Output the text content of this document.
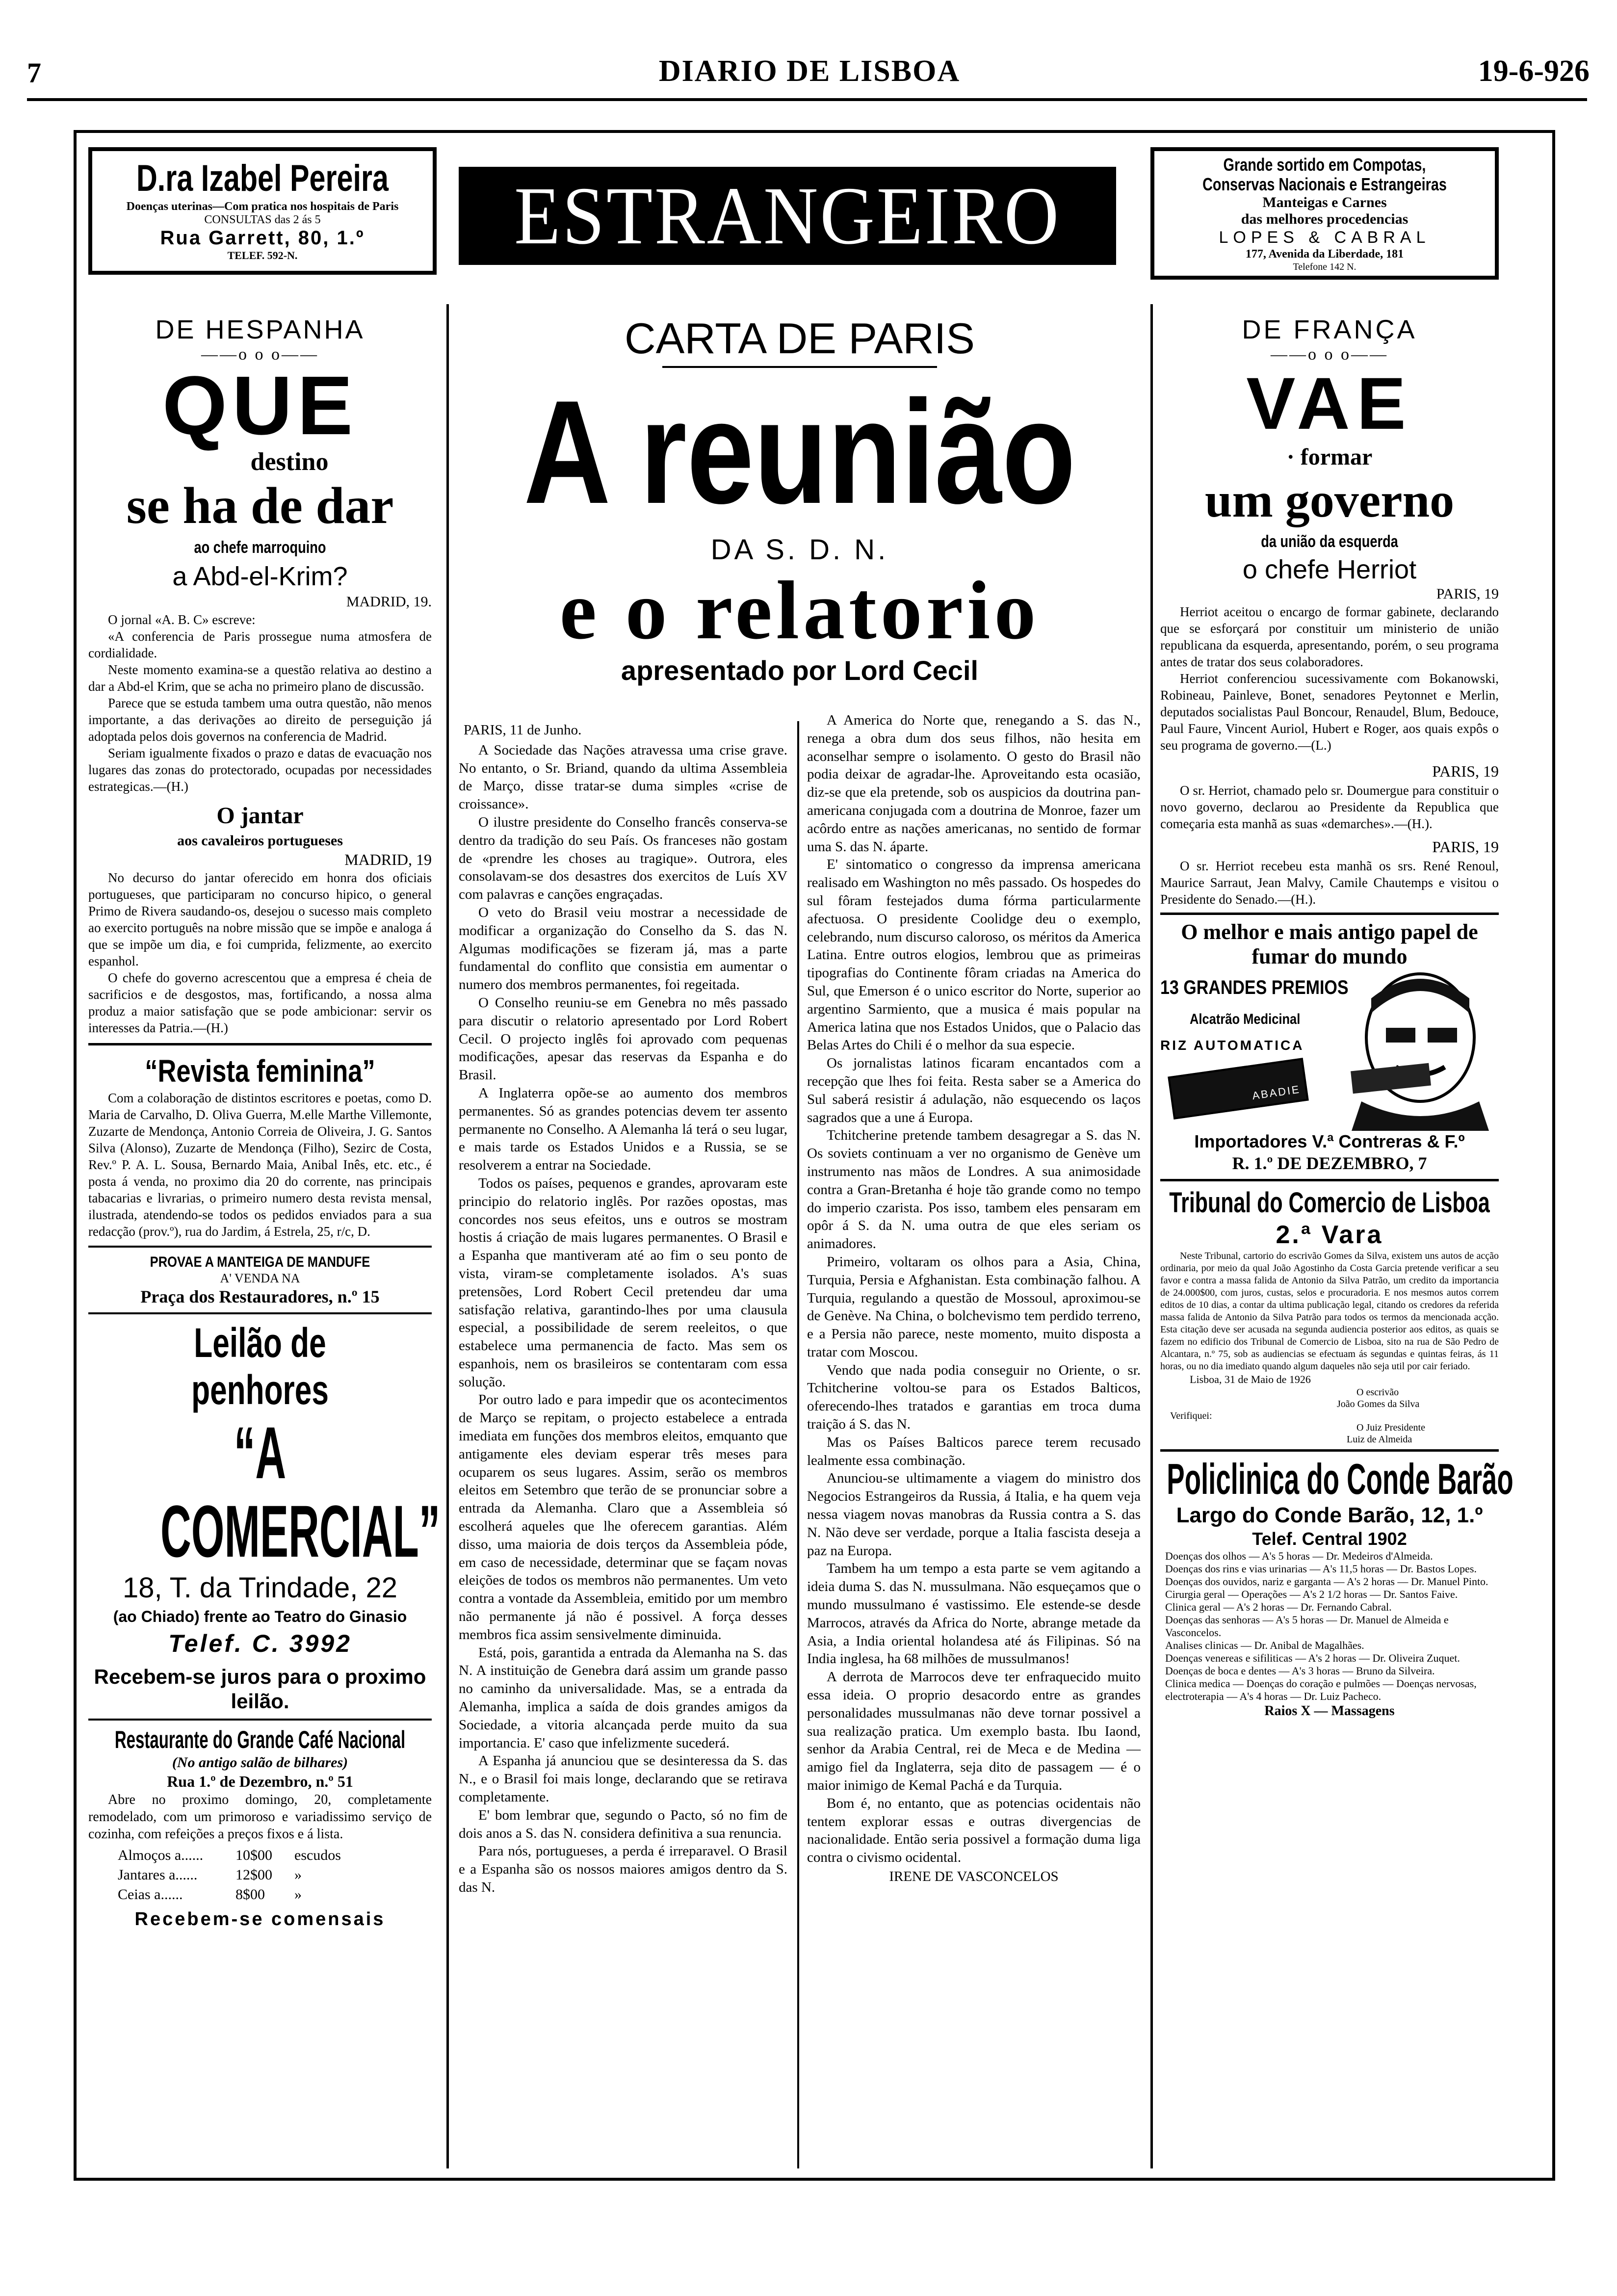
7	DIARIO DE LISBOA	19-6-926
D.ra Izabel Pereira
Doenças uterinas—Com pratica nos hospitais de Paris
CONSULTAS das 2 ás 5
Rua Garrett, 80, 1.º
TELEF. 592-N.	ESTRANGEIRO
Grande sortido em Compotas,
Conservas Nacionais e Estrangeiras
Manteigas e Carnes
das melhores procedencias
LOPES & CABRAL
177, Avenida da Liberdade, 181
Telefone 142 N.
DE HESPANHA
——o o o——
QUE
destino
se ha de dar
ao chefe marroquino
a Abd-el-Krim?
MADRID, 19.

O jornal «A. B. C» escreve:

«A conferencia de Paris prossegue numa atmosfera de cordialidade.

Neste momento examina-se a questão relativa ao destino a dar a Abd-el Krim, que se acha no primeiro plano de discussão.

Parece que se estuda tambem uma outra questão, não menos importante, a das derivações ao direito de perseguição já adoptada pelos dois governos na conferencia de Madrid.

Seriam igualmente fixados o prazo e datas de evacuação nos lugares das zonas do protectorado, ocupadas por necessidades estrategicas.—(H.)

O jantar
aos cavaleiros portugueses
MADRID, 19

No decurso do jantar oferecido em honra dos oficiais portugueses, que participaram no concurso hipico, o general Primo de Rivera saudando-os, desejou o sucesso mais completo ao exercito português na nobre missão que se impõe e analoga á que se impõe um dia, e foi cumprida, felizmente, ao exercito espanhol.

O chefe do governo acrescentou que a empresa é cheia de sacrificios e de desgostos, mas, fortificando, a nossa alma produz a maior satisfação que se pode ambicionar: servir os interesses da Patria.—(H.)

“Revista feminina”

Com a colaboração de distintos escritores e poetas, como D. Maria de Carvalho, D. Oliva Guerra, M.elle Marthe Villemonte, Zuzarte de Mendonça, Antonio Correia de Oliveira, J. G. Santos Silva (Alonso), Zuzarte de Mendonça (Filho), Sezirc de Costa, Rev.º P. A. L. Sousa, Bernardo Maia, Anibal Inês, etc. etc., é posta á venda, no proximo dia 20 do corrente, nas principais tabacarias e livrarias, o primeiro numero desta revista mensal, ilustrada, atendendo-se todos os pedidos enviados para a sua redacção (prov.º), rua do Jardim, á Estrela, 25, r/c, D.

PROVAE A MANTEIGA DE MANDUFE
A' VENDA NA
Praça dos Restauradores, n.º 15
Leilão de penhores
“A COMERCIAL”
18, T. da Trindade, 22
(ao Chiado) frente ao Teatro do Ginasio
Telef. C. 3992
Recebem-se juros para o proximo leilão.
Restaurante do Grande Café Nacional
(No antigo salão de bilhares)
Rua 1.º de Dezembro, n.º 51

Abre no proximo domingo, 20, completamente remodelado, com um primoroso e variadissimo serviço de cozinha, com refeições a preços fixos e á lista.

Almoços a......	10$00	escudos
Jantares a......	12$00	»
Ceias a......	8$00	»
Recebem-se comensais
CARTA DE PARIS
A reunião
DA S. D. N.
e o relatorio
apresentado por Lord Cecil

PARIS, 11 de Junho.

A Sociedade das Nações atravessa uma crise grave. No entanto, o Sr. Briand, quando da ultima Assembleia de Março, disse tratar-se duma simples «crise de croissance».

O ilustre presidente do Conselho francês conserva-se dentro da tradição do seu País. Os franceses não gostam de «prendre les choses au tragique». Outrora, eles consolavam-se dos desastres dos exercitos de Luís XV com palavras e canções engraçadas.

O veto do Brasil veiu mostrar a necessidade de modificar a organização do Conselho da S. das N. Algumas modificações se fizeram já, mas a parte fundamental do conflito que consistia em aumentar o numero dos membros permanentes, foi regeitada.

O Conselho reuniu-se em Genebra no mês passado para discutir o relatorio apresentado por Lord Robert Cecil. O projecto inglês foi aprovado com pequenas modificações, apesar das reservas da Espanha e do Brasil.

A Inglaterra opõe-se ao aumento dos membros permanentes. Só as grandes potencias devem ter assento permanente no Conselho. A Alemanha lá terá o seu lugar, e mais tarde os Estados Unidos e a Russia, se se resolverem a entrar na Sociedade.

Todos os países, pequenos e grandes, aprovaram este principio do relatorio inglês. Por razões opostas, mas concordes nos seus efeitos, uns e outros se mostram hostis á criação de mais lugares permanentes. O Brasil e a Espanha que mantiveram até ao fim o seu ponto de vista, viram-se completamente isolados. A's suas pretensões, Lord Robert Cecil pretendeu dar uma satisfação relativa, garantindo-lhes por uma clausula especial, a possibilidade de serem reeleitos, o que estabelece uma permanencia de facto. Mas sem os espanhois, nem os brasileiros se contentaram com essa solução.

Por outro lado e para impedir que os acontecimentos de Março se repitam, o projecto estabelece a entrada imediata em funções dos membros eleitos, emquanto que antigamente eles deviam esperar três meses para ocuparem os seus lugares. Assim, serão os membros eleitos em Setembro que terão de se pronunciar sobre a entrada da Alemanha. Claro que a Assembleia só escolherá aqueles que lhe oferecem garantias. Além disso, uma maioria de dois terços da Assembleia póde, em caso de necessidade, determinar que se façam novas eleições de todos os membros não permanentes. Um veto contra a vontade da Assembleia, emitido por um membro não permanente já não é possivel. A força desses membros fica assim sensivelmente diminuida.

Está, pois, garantida a entrada da Alemanha na S. das N. A instituição de Genebra dará assim um grande passo no caminho da universalidade. Mas, se a entrada da Alemanha, implica a saída de dois grandes amigos da Sociedade, a vitoria alcançada perde muito da sua importancia. E' caso que infelizmente sucederá.

A Espanha já anunciou que se desinteressa da S. das N., e o Brasil foi mais longe, declarando que se retirava completamente.

E' bom lembrar que, segundo o Pacto, só no fim de dois anos a S. das N. considera definitiva a sua renuncia.

Para nós, portugueses, a perda é irreparavel. O Brasil e a Espanha são os nossos maiores amigos dentro da S. das N.

A America do Norte que, renegando a S. das N., renega a obra dum dos seus filhos, não hesita em aconselhar sempre o isolamento. O gesto do Brasil não podia deixar de agradar-lhe. Aproveitando esta ocasião, diz-se que ela pretende, sob os auspicios da doutrina pan-americana conjugada com a doutrina de Monroe, fazer um acôrdo entre as nações americanas, no sentido de formar uma S. das N. áparte.

E' sintomatico o congresso da imprensa americana realisado em Washington no mês passado. Os hospedes do sul fôram festejados duma fórma particularmente afectuosa. O presidente Coolidge deu o exemplo, celebrando, num discurso caloroso, os méritos da America Latina. Entre outros elogios, lembrou que as primeiras tipografias do Continente fôram criadas na America do Sul, que Emerson é o unico escritor do Norte, superior ao argentino Sarmiento, que a musica é mais popular na America latina que nos Estados Unidos, que o Palacio das Belas Artes do Chili é o melhor da sua especie.

Os jornalistas latinos ficaram encantados com a recepção que lhes foi feita. Resta saber se a America do Sul saberá resistir á adulação, não esquecendo os laços sagrados que a une á Europa.

Tchitcherine pretende tambem desagregar a S. das N. Os soviets continuam a ver no organismo de Genève um instrumento nas mãos de Londres. A sua animosidade contra a Gran-Bretanha é hoje tão grande como no tempo do imperio czarista. Pos isso, tambem eles pensaram em opôr á S. da N. uma outra de que eles seriam os animadores.

Primeiro, voltaram os olhos para a Asia, China, Turquia, Persia e Afghanistan. Esta combinação falhou. A Turquia, regulando a questão de Mossoul, aproximou-se de Genève. Na China, o bolchevismo tem perdido terreno, e a Persia não parece, neste momento, muito disposta a tratar com Moscou.

Vendo que nada podia conseguir no Oriente, o sr. Tchitcherine voltou-se para os Estados Balticos, oferecendo-lhes tratados e garantias em troca duma traição á S. das N.

Mas os Países Balticos parece terem recusado lealmente essa combinação.

Anunciou-se ultimamente a viagem do ministro dos Negocios Estrangeiros da Russia, á Italia, e ha quem veja nessa viagem novas manobras da Russia contra a S. das N. Não deve ser verdade, porque a Italia fascista deseja a paz na Europa.

Tambem ha um tempo a esta parte se vem agitando a ideia duma S. das N. mussulmana. Não esqueçamos que o mundo mussulmano é vastissimo. Ele estende-se desde Marrocos, através da Africa do Norte, abrange metade da Asia, a India oriental holandesa até ás Filipinas. Só na India inglesa, ha 68 milhões de mussulmanos!

A derrota de Marrocos deve ter enfraquecido muito essa ideia. O proprio desacordo entre as grandes personalidades mussulmanas não deve tornar possivel a sua realização pratica. Um exemplo basta. Ibu Iaond, senhor da Arabia Central, rei de Meca e de Medina — amigo fiel da Inglaterra, seja dito de passagem — é o maior inimigo de Kemal Pachá e da Turquia.

Bom é, no entanto, que as potencias ocidentais não tentem explorar essas e outras divergencias de nacionalidade. Então seria possivel a formação duma liga contra o civismo ocidental.

IRENE DE VASCONCELOS

DE FRANÇA
——o o o——
VAE
· formar
um governo
da união da esquerda
o chefe Herriot
PARIS, 19

Herriot aceitou o encargo de formar gabinete, declarando que se esforçará por constituir um ministerio de união republicana da esquerda, apresentando, porém, o seu programa antes de tratar dos seus colaboradores.

Herriot conferenciou sucessivamente com Bokanowski, Robineau, Painleve, Bonet, senadores Peytonnet e Merlin, deputados socialistas Paul Boncour, Renaudel, Blum, Bedouce, Paul Faure, Vincent Auriol, Hubert e Roger, aos quais expôs o seu programa de governo.—(L.)

PARIS, 19

O sr. Herriot, chamado pelo sr. Doumergue para constituir o novo governo, declarou ao Presidente da Republica que começaria esta manhã as suas «demarches».—(H.).

PARIS, 19

O sr. Herriot recebeu esta manhã os srs. René Renoul, Maurice Sarraut, Jean Malvy, Camile Chautemps e visitou o Presidente do Senado.—(H.).

O melhor e mais antigo papel de fumar do mundo
13 GRANDES PREMIOS
Alcatrão Medicinal
RIZ AUTOMATICA
ABADIE
Importadores V.ª Contreras & F.º
R. 1.º DE DEZEMBRO, 7
Tribunal do Comercio de Lisboa
2.ª Vara

Neste Tribunal, cartorio do escrivão Gomes da Silva, existem uns autos de acção ordinaria, por meio da qual João Agostinho da Costa Garcia pretende verificar a seu favor e contra a massa falida de Antonio da Silva Patrão, um credito da importancia de 24.000$00, com juros, custas, selos e procuradoria. E nos mesmos autos correm editos de 10 dias, a contar da ultima publicação legal, citando os credores da referida massa falida de Antonio da Silva Patrão para todos os termos da mencionada acção. Esta citação deve ser acusada na segunda audiencia posterior aos editos, as quais se fazem no edificio dos Tribunal de Comercio de Lisboa, sito na rua de São Pedro de Alcantara, n.º 75, sob as audiencias se efectuam ás segundas e quintas feiras, ás 11 horas, ou no dia imediato quando algum daqueles não seja util por cair feriado.

Lisboa, 31 de Maio de 1926
O escrivão
João Gomes da Silva
Verifiquei:
O Juiz Presidente
Luiz de Almeida
Policlinica do Conde Barão
Largo do Conde Barão, 12, 1.º
Telef. Central 1902

Doenças dos olhos — A's 5 horas — Dr. Medeiros d'Almeida.

Doenças dos rins e vias urinarias — A's 11,5 horas — Dr. Bastos Lopes.

Doenças dos ouvidos, nariz e garganta — A's 2 horas — Dr. Manuel Pinto.

Cirurgia geral — Operações — A's 2 1/2 horas — Dr. Santos Faive.

Clinica geral — A's 2 horas — Dr. Fernando Cabral.

Doenças das senhoras — A's 5 horas — Dr. Manuel de Almeida e Vasconcelos.

Analises clinicas — Dr. Anibal de Magalhães.

Doenças venereas e sifiliticas — A's 2 horas — Dr. Oliveira Zuquet.

Doenças de boca e dentes — A's 3 horas — Bruno da Silveira.

Clinica medica — Doenças do coração e pulmões — Doenças nervosas, electroterapia — A's 4 horas — Dr. Luiz Pacheco.

Raios X — Massagens
